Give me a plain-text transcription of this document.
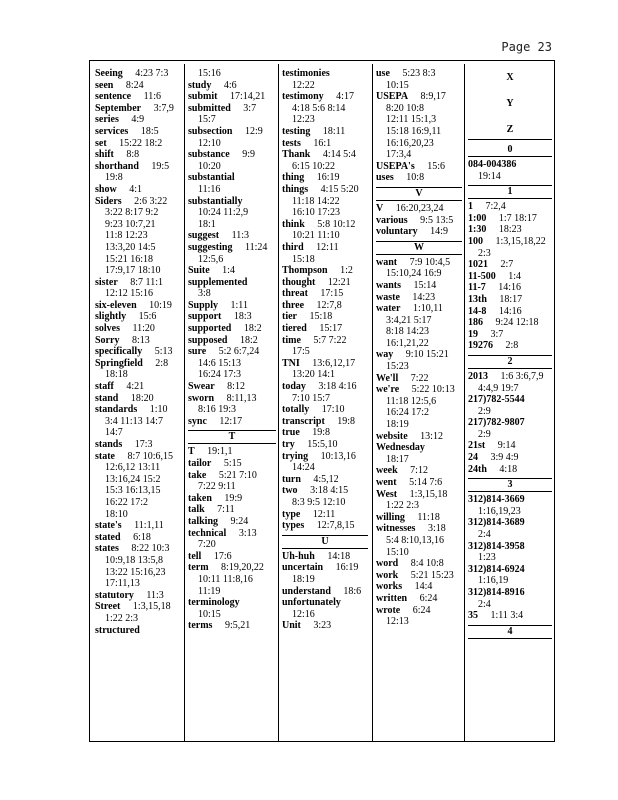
Page 23
Seeing 4:23 7:3
seen 8:24
sentence 11:6
September 3:7,9
series 4:9
services 18:5
set 15:22 18:2
shift 8:8
shorthand 19:5
19:8
show 4:1
Siders 2:6 3:22
3:22 8:17 9:2
9:23 10:7,21
11:8 12:23
13:3,20 14:5
15:21 16:18
17:9,17 18:10
sister 8:7 11:1
12:12 15:16
six-eleven 10:19
slightly 15:6
solves 11:20
Sorry 8:13
specifically 5:13
Springfield 2:8
18:18
staff 4:21
stand 18:20
standards 1:10
3:4 11:13 14:7
14:7
stands 17:3
state 8:7 10:6,15
12:6,12 13:11
13:16,24 15:2
15:3 16:13,15
16:22 17:2
18:10
state's 11:1,11
stated 6:18
states 8:22 10:3
10:9,18 13:5,8
13:22 15:16,23
17:11,13
statutory 11:3
Street 1:3,15,18
1:22 2:3
structured
15:16
study 4:6
submit 17:14,21
submitted 3:7
15:7
subsection 12:9
12:10
substance 9:9
10:20
substantial
11:16
substantially
10:24 11:2,9
18:1
suggest 11:3
suggesting 11:24
12:5,6
Suite 1:4
supplemented
3:8
Supply 1:11
support 18:3
supported 18:2
supposed 18:2
sure 5:2 6:7,24
14:6 15:13
16:24 17:3
Swear 8:12
sworn 8:11,13
8:16 19:3
sync 12:17
T
T 19:1,1
tailor 5:15
take 5:21 7:10
7:22 9:11
taken 19:9
talk 7:11
talking 9:24
technical 3:13
7:20
tell 17:6
term 8:19,20,22
10:11 11:8,16
11:19
terminology
10:15
terms 9:5,21
testimonies
12:22
testimony 4:17
4:18 5:6 8:14
12:23
testing 18:11
tests 16:1
Thank 4:14 5:4
6:15 10:22
thing 16:19
things 4:15 5:20
11:18 14:22
16:10 17:23
think 5:8 10:12
10:21 11:10
third 12:11
15:18
Thompson 1:2
thought 12:21
threat 17:15
three 12:7,8
tier 15:18
tiered 15:17
time 5:7 7:22
17:5
TNI 13:6,12,17
13:20 14:1
today 3:18 4:16
7:10 15:7
totally 17:10
transcript 19:8
true 19:8
try 15:5,10
trying 10:13,16
14:24
turn 4:5,12
two 3:18 4:15
8:3 9:5 12:10
type 12:11
types 12:7,8,15
U
Uh-huh 14:18
uncertain 16:19
18:19
understand 18:6
unfortunately
12:16
Unit 3:23
use 5:23 8:3
10:15
USEPA 8:9,17
8:20 10:8
12:11 15:1,3
15:18 16:9,11
16:16,20,23
17:3,4
USEPA's 15:6
uses 10:8
V
V 16:20,23,24
various 9:5 13:5
voluntary 14:9
W
want 7:9 10:4,5
15:10,24 16:9
wants 15:14
waste 14:23
water 1:10,11
3:4,21 5:17
8:18 14:23
16:1,21,22
way 9:10 15:21
15:23
We'll 7:22
we're 5:22 10:13
11:18 12:5,6
16:24 17:2
18:19
website 13:12
Wednesday
18:17
week 7:12
went 5:14 7:6
West 1:3,15,18
1:22 2:3
willing 11:18
witnesses 3:18
5:4 8:10,13,16
15:10
word 8:4 10:8
work 5:21 15:23
works 14:4
written 6:24
wrote 6:24
12:13
X
Y
Z
0
084-004386
19:14
1
1 7:2,4
1:00 1:7 18:17
1:30 18:23
100 1:3,15,18,22
2:3
1021 2:7
11-500 1:4
11-7 14:16
13th 18:17
14-8 14:16
186 9:24 12:18
19 3:7
19276 2:8
2
2013 1:6 3:6,7,9
4:4,9 19:7
217)782-5544
2:9
217)782-9807
2:9
21st 9:14
24 3:9 4:9
24th 4:18
3
312)814-3669
1:16,19,23
312)814-3689
2:4
312)814-3958
1:23
312)814-6924
1:16,19
312)814-8916
2:4
35 1:11 3:4
4
